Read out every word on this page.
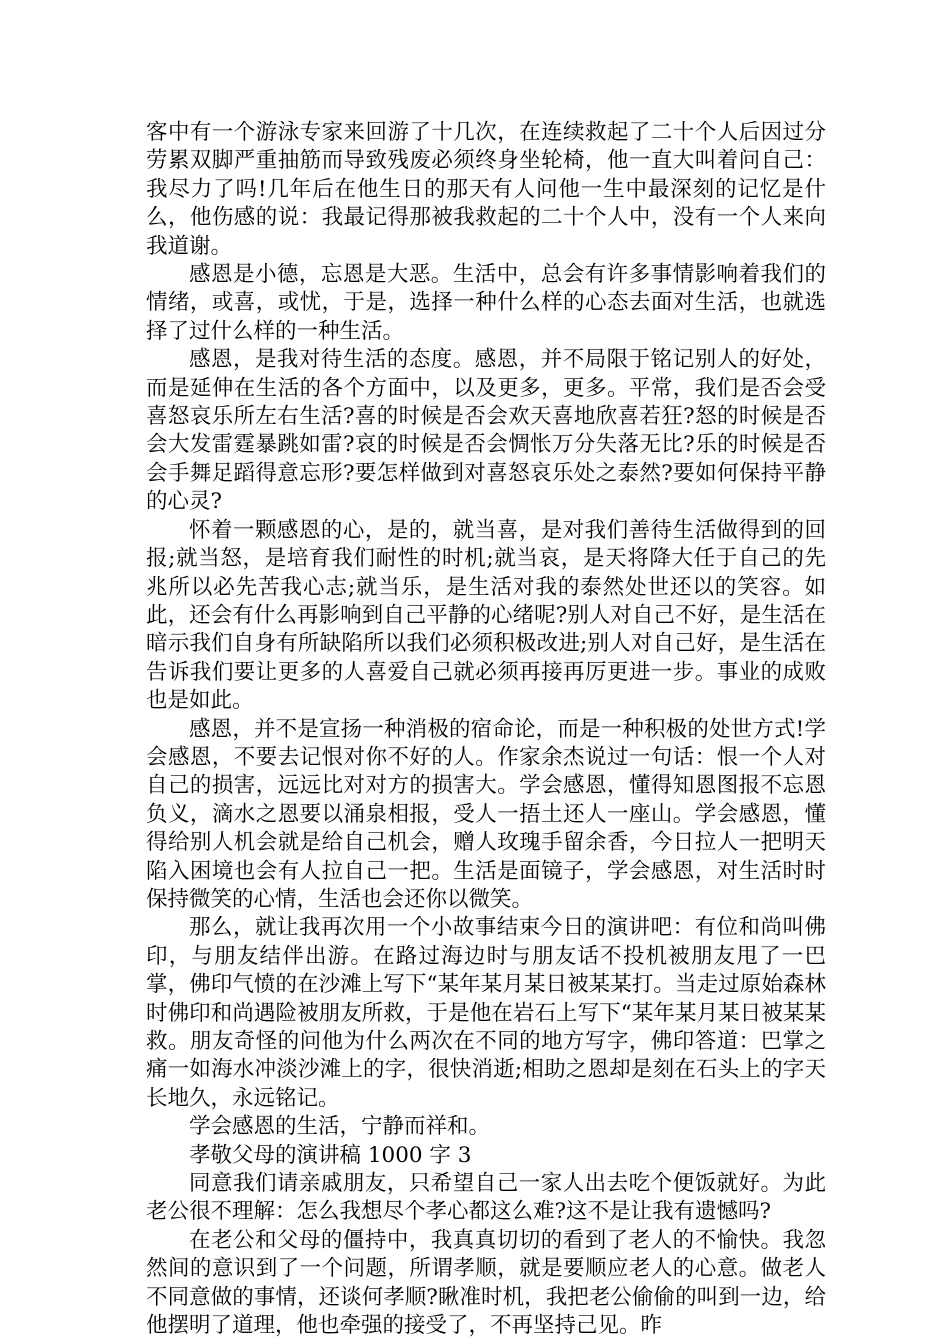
客中有一个游泳专家来回游了十几次，在连续救起了二十个人后因过分劳累双脚严重抽筋而导致残废必须终身坐轮椅，他一直大叫着问自己：我尽力了吗!几年后在他生日的那天有人问他一生中最深刻的记忆是什么，他伤感的说：我最记得那被我救起的二十个人中，没有一个人来向我道谢。

感恩是小德，忘恩是大恶。生活中，总会有许多事情影响着我们的情绪，或喜，或忧，于是，选择一种什么样的心态去面对生活，也就选择了过什么样的一种生活。

感恩，是我对待生活的态度。感恩，并不局限于铭记别人的好处，而是延伸在生活的各个方面中，以及更多，更多。平常，我们是否会受喜怒哀乐所左右生活?喜的时候是否会欢天喜地欣喜若狂?怒的时候是否会大发雷霆暴跳如雷?哀的时候是否会惆怅万分失落无比?乐的时候是否会手舞足蹈得意忘形?要怎样做到对喜怒哀乐处之泰然?要如何保持平静的心灵?

怀着一颗感恩的心，是的，就当喜，是对我们善待生活做得到的回报;就当怒，是培育我们耐性的时机;就当哀，是天将降大任于自己的先兆所以必先苦我心志;就当乐，是生活对我的泰然处世还以的笑容。如此，还会有什么再影响到自己平静的心绪呢?别人对自己不好，是生活在暗示我们自身有所缺陷所以我们必须积极改进;别人对自己好，是生活在告诉我们要让更多的人喜爱自己就必须再接再厉更进一步。事业的成败也是如此。

感恩，并不是宣扬一种消极的宿命论，而是一种积极的处世方式!学会感恩，不要去记恨对你不好的人。作家余杰说过一句话：恨一个人对自己的损害，远远比对对方的损害大。学会感恩，懂得知恩图报不忘恩负义，滴水之恩要以涌泉相报，受人一捂土还人一座山。学会感恩，懂得给别人机会就是给自己机会，赠人玫瑰手留余香，今日拉人一把明天陷入困境也会有人拉自己一把。生活是面镜子，学会感恩，对生活时时保持微笑的心情，生活也会还你以微笑。

那么，就让我再次用一个小故事结束今日的演讲吧：有位和尚叫佛印，与朋友结伴出游。在路过海边时与朋友话不投机被朋友甩了一巴掌，佛印气愤的在沙滩上写下“某年某月某日被某某打。当走过原始森林时佛印和尚遇险被朋友所救，于是他在岩石上写下“某年某月某日被某某救。朋友奇怪的问他为什么两次在不同的地方写字，佛印答道：巴掌之痛一如海水冲淡沙滩上的字，很快消逝;相助之恩却是刻在石头上的字天长地久，永远铭记。

学会感恩的生活，宁静而祥和。

孝敬父母的演讲稿 1000 字 3

同意我们请亲戚朋友，只希望自己一家人出去吃个便饭就好。为此老公很不理解：怎么我想尽个孝心都这么难?这不是让我有遗憾吗?

在老公和父母的僵持中，我真真切切的看到了老人的不愉快。我忽然间的意识到了一个问题，所谓孝顺，就是要顺应老人的心意。做老人不同意做的事情，还谈何孝顺?瞅准时机，我把老公偷偷的叫到一边，给他摆明了道理，他也牵强的接受了，不再坚持己见。昨
